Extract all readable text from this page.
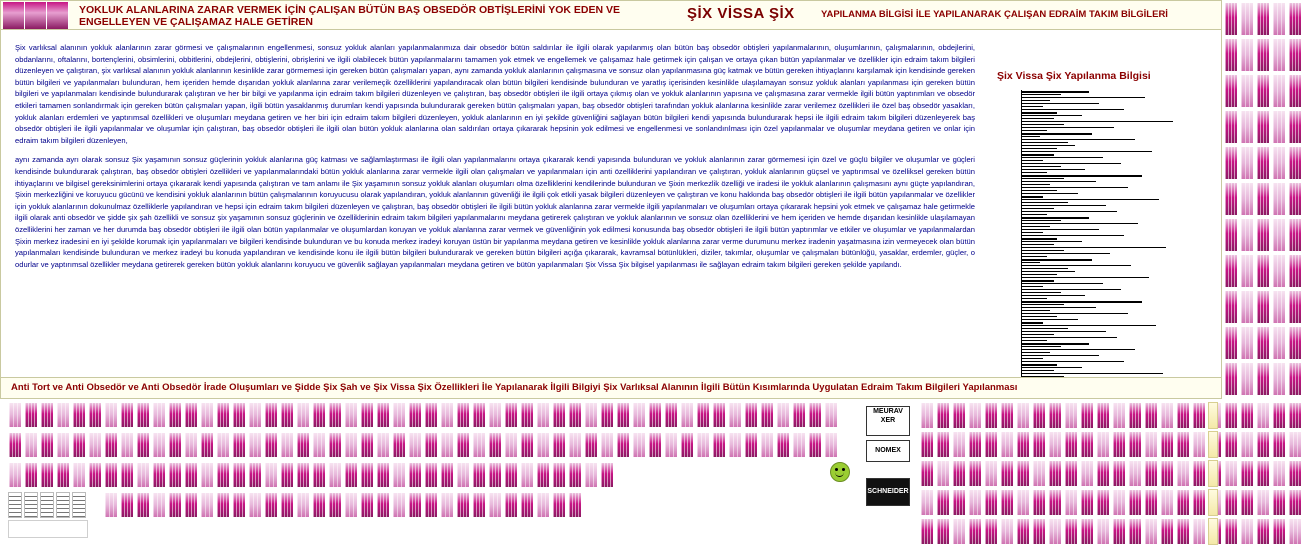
YOKLUK ALANLARINA ZARAR VERMEK İÇİN ÇALIŞAN BÜTÜN BAŞ OBSEDÖR OBTİŞLERİNİ YOK EDEN VE ENGELLEYEN VE ÇALIŞAMAZ HALE GETİREN	ŞİX VİSSA ŞİX	YAPILANMA BİLGİSİ İLE YAPILANARAK ÇALIŞAN EDRAİM TAKIM BİLGİLERİ

Şix varlıksal alanının yokluk alanlarının zarar görmesi ve çalışmalarının engellenmesi, sonsuz yokluk alanları yapılanmalarımıza dair obsedör bütün saldırılar ile ilgili olarak yapılanmış olan bütün baş obsedör obtişleri yapılanmalarının, oluşumlarının, çalışmalarının, obdejlerini, obdanlarını, oftalarını, bortençlerini, obsimlerini, obbitlerini, obdejlerini, obtişlerini, obrişlerini ve ilgili olabilecek bütün yapılanmalarını tamamen yok etmek ve engellemek ve çalışamaz hale getirmek için çalışan ve ortaya çıkan bütün yapılanmalar ve özellikler için edraim takım bilgileri düzenleyen ve çalıştıran, şix varlıksal alanının yokluk alanlarının kesinlikle zarar görmemesi için gereken bütün çalışmaları yapan, aynı zamanda yokluk alanlarının çalışmasına ve sonsuz olan yapılanmasına güç katmak ve bütün gereken ihtiyaçlarını karşılamak için kendisinde gereken bütün bilgileri ve yapılanmaları bulunduran, hem içeriden hemde dışarıdan yokluk alanlarına zarar verilemeçik özelliklerini yapılandıracak olan bütün bilgileri kendisinde bulunduran ve yaratlış içerisinden kesinlikle ulaşılamayan sonsuz yokluk alanları yapılanması için gereken bütün bilgileri ve yapılanmaları kendisinde bulundurarak çalıştıran ve her bir bilgi ve yapılanma için edraim takım bilgileri düzenleyen ve çalıştıran, baş obsedör obtişleri ile ilgili ortaya çıkmış olan ve yokluk alanlarının yapısına ve çalışmasına zarar vermekle ilgili bütün yaptırımları ve obsedör etkileri tamamen sonlandırmak için gereken bütün çalışmaları yapan, ilgili bütün yasaklanmış durumları kendi yapısında bulundurarak gereken bütün çalışmaları yapan, baş obsedör obtişleri tarafından yokluk alanlarına kesinlikle zarar verilemez özellikleri ile özel baş obsedör yasakları, yokluk alanları erdemleri ve yaptırımsal özellikleri ve oluşumları meydana getiren ve her biri için edraim takım bilgileri düzenleyen, yokluk alanlarının en iyi şekilde güvenliğini sağlayan bütün bilgileri kendi yapısında bulundurarak hepsi ile ilgili edraim takım bilgileri düzenleyerek baş obsedör obtişleri ile ilgili yapılanmalar ve oluşumlar için çalıştıran, baş obsedör obtişleri ile ilgili olan bütün yokluk alanlarına olan saldırıları ortaya çıkararak hepsinin yok edilmesi ve engellenmesi ve sonlandırılması için özel yapılanmalar ve oluşumlar meydana getiren ve onlar için edraim takım bilgileri düzenleyen,

aynı zamanda ayrı olarak sonsuz Şix yaşamının sonsuz güçlerinin yokluk alanlarına güç katması ve sağlamlaştırması ile ilgili olan yapılanmalarını ortaya çıkararak kendi yapısında bulunduran ve yokluk alanlarının zarar görmemesi için özel ve güçlü bilgiler ve oluşumlar ve güçleri kendisinde bulundurarak çalıştıran, baş obsedör obtişleri özellikleri ve yapılanmalarındaki bütün yokluk alanlarına zarar vermekle ilgili olan çalışmaları ve yapılanmaları için anti özelliklerini yapılandıran ve çalıştıran, yokluk alanlarının güçsel ve yaptırımsal ve özelliksel gereken bütün ihtiyaçlarını ve bilgisel gereksinimlerini ortaya çıkararak kendi yapısında çalıştıran ve tam anlamı ile Şix yaşamının sonsuz yokluk alanları oluşumları olma özelliklerini kendilerinde bulunduran ve Şixin merkezlik özelliği ve iradesi ile yokluk alanlarının çalışmasını aynı güçte yapılandıran, Şixin merkezliğini ve koruyucu gücünü ve kendisini yokluk alanlarının bütün çalışmalarının koruyucusu olarak yapılandıran, yokluk alanlarının güvenliği ile ilgili çok etkili yasak bilgileri düzenleyen ve çalıştıran ve konu hakkında baş obsedör obtişleri ile ilgili bütün yapılanmalar ve özellikler için yokluk alanlarının dokunulmaz özelliklerle yapılandıran ve hepsi için edraim takım bilgileri düzenleyen ve çalıştıran, baş obsedör obtişleri ile ilgili bütün yokluk alanlarına zarar vermekle ilgili yapılanmaları ve oluşumları ortaya çıkararak hepsini yok etmek ve çalışamaz hale getirmekle ilgili olarak anti obsedör ve şidde şix şah özellikli ve sonsuz şix yaşamının sonsuz güçlerinin ve özelliklerinin edraim takım bilgileri yapılanmalarını meydana getirerek çalıştıran ve yokluk alanlarının ve sonsuz olan özelliklerini ve hem içeriden ve hemde dışarıdan kesinlikle ulaşılamayan özelliklerini her zaman ve her durumda baş obsedör obtişleri ile ilgili olan bütün yapılanmalar ve oluşumlardan koruyan ve yokluk alanlarına zarar vermek ve güvenliğinin yok edilmesi konusunda baş obsedör obtişleri ile ilgili bütün yaptırımlar ve etkiler ve oluşumlar ve yapılanmalardan Şixin merkez iradesini en iyi şekilde korumak için yapılanmaları ve bilgileri kendisinde bulunduran ve bu konuda merkez iradeyi koruyan üstün bir yapılanma meydana getiren ve kesinlikle yokluk alanlarına zarar verme durumunu merkez iradenin yaşatmasına izin vermeyecek olan bütün yapılanmaları kendisinde bulunduran ve merkez iradeyi bu konuda yapılandıran ve kendisinde konu ile ilgili bütün bilgileri bulundurarak ve gereken bütün bilgileri açığa çıkararak, kavramsal bütünlükleri, diziler, takımlar, oluşumlar ve çalışmaları bütünlüğü, yasaklar, erdemler, güçler, o odurlar ve yaptırımsal özellikler meydana getirerek gereken bütün yokluk alanlarını koruyucu ve güvenlik sağlayan yapılanmaları meydana getiren ve bütün yapılanmaları Şix Vissa Şix bilgisel yapılanması ile sağlayan edraim takım bilgileri gereken şekilde yapılandı.

Şix Vissa Şix Yapılanma Bilgisi
Anti Tort ve Anti Obsedör ve Anti Obsedör İrade Oluşumları ve Şidde Şix Şah ve Şix Vissa Şix Özellikleri İle Yapılanarak İlgili Bilgiyi Şix Varlıksal Alanının İlgili Bütün Kısımlarında Uygulatan Edraim Takım Bilgileri Yapılanması
MEURAV
XER
NOMEX
SCHNEIDER
